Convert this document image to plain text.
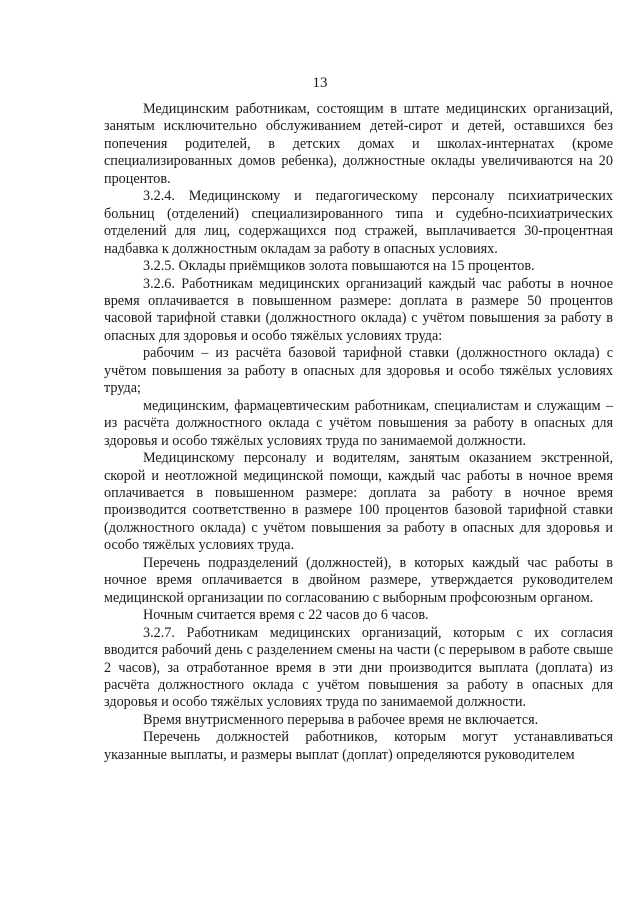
13

Медицинским работникам, состоящим в штате медицинских организаций, занятым исключительно обслуживанием детей-сирот и детей, оставшихся без попечения родителей, в детских домах и школах-интернатах (кроме специализированных домов ребенка), должностные оклады увеличиваются на 20 процентов.

3.2.4. Медицинскому и педагогическому персоналу психиатрических больниц (отделений) специализированного типа и судебно-психиатрических отделений для лиц, содержащихся под стражей, выплачивается 30-процентная надбавка к должностным окладам за работу в опасных условиях.

3.2.5. Оклады приёмщиков золота повышаются на 15 процентов.

3.2.6. Работникам медицинских организаций каждый час работы в ночное время оплачивается в повышенном размере: доплата в размере 50 процентов часовой тарифной ставки (должностного оклада) с учётом повышения за работу в опасных для здоровья и особо тяжёлых условиях труда:

рабочим – из расчёта базовой тарифной ставки (должностного оклада) с учётом повышения за работу в опасных для здоровья и особо тяжёлых условиях труда;

медицинским, фармацевтическим работникам, специалистам и служащим – из расчёта должностного оклада с учётом повышения за работу в опасных для здоровья и особо тяжёлых условиях труда по занимаемой должности.

Медицинскому персоналу и водителям, занятым оказанием экстренной, скорой и неотложной медицинской помощи, каждый час работы в ночное время оплачивается в повышенном размере: доплата за работу в ночное время производится соответственно в размере 100 процентов базовой тарифной ставки (должностного оклада) с учётом повышения за работу в опасных для здоровья и особо тяжёлых условиях труда.

Перечень подразделений (должностей), в которых каждый час работы в ночное время оплачивается в двойном размере, утверждается руководителем медицинской организации по согласованию с выборным профсоюзным органом.

Ночным считается время с 22 часов до 6 часов.

3.2.7. Работникам медицинских организаций, которым с их согласия вводится рабочий день с разделением смены на части (с перерывом в работе свыше 2 часов), за отработанное время в эти дни производится выплата (доплата) из расчёта должностного оклада с учётом повышения за работу в опасных для здоровья и особо тяжёлых условиях труда по занимаемой должности.

Время внутрисменного перерыва в рабочее время не включается.

Перечень должностей работников, которым могут устанавливаться указанные выплаты, и размеры выплат (доплат) определяются руководителем
